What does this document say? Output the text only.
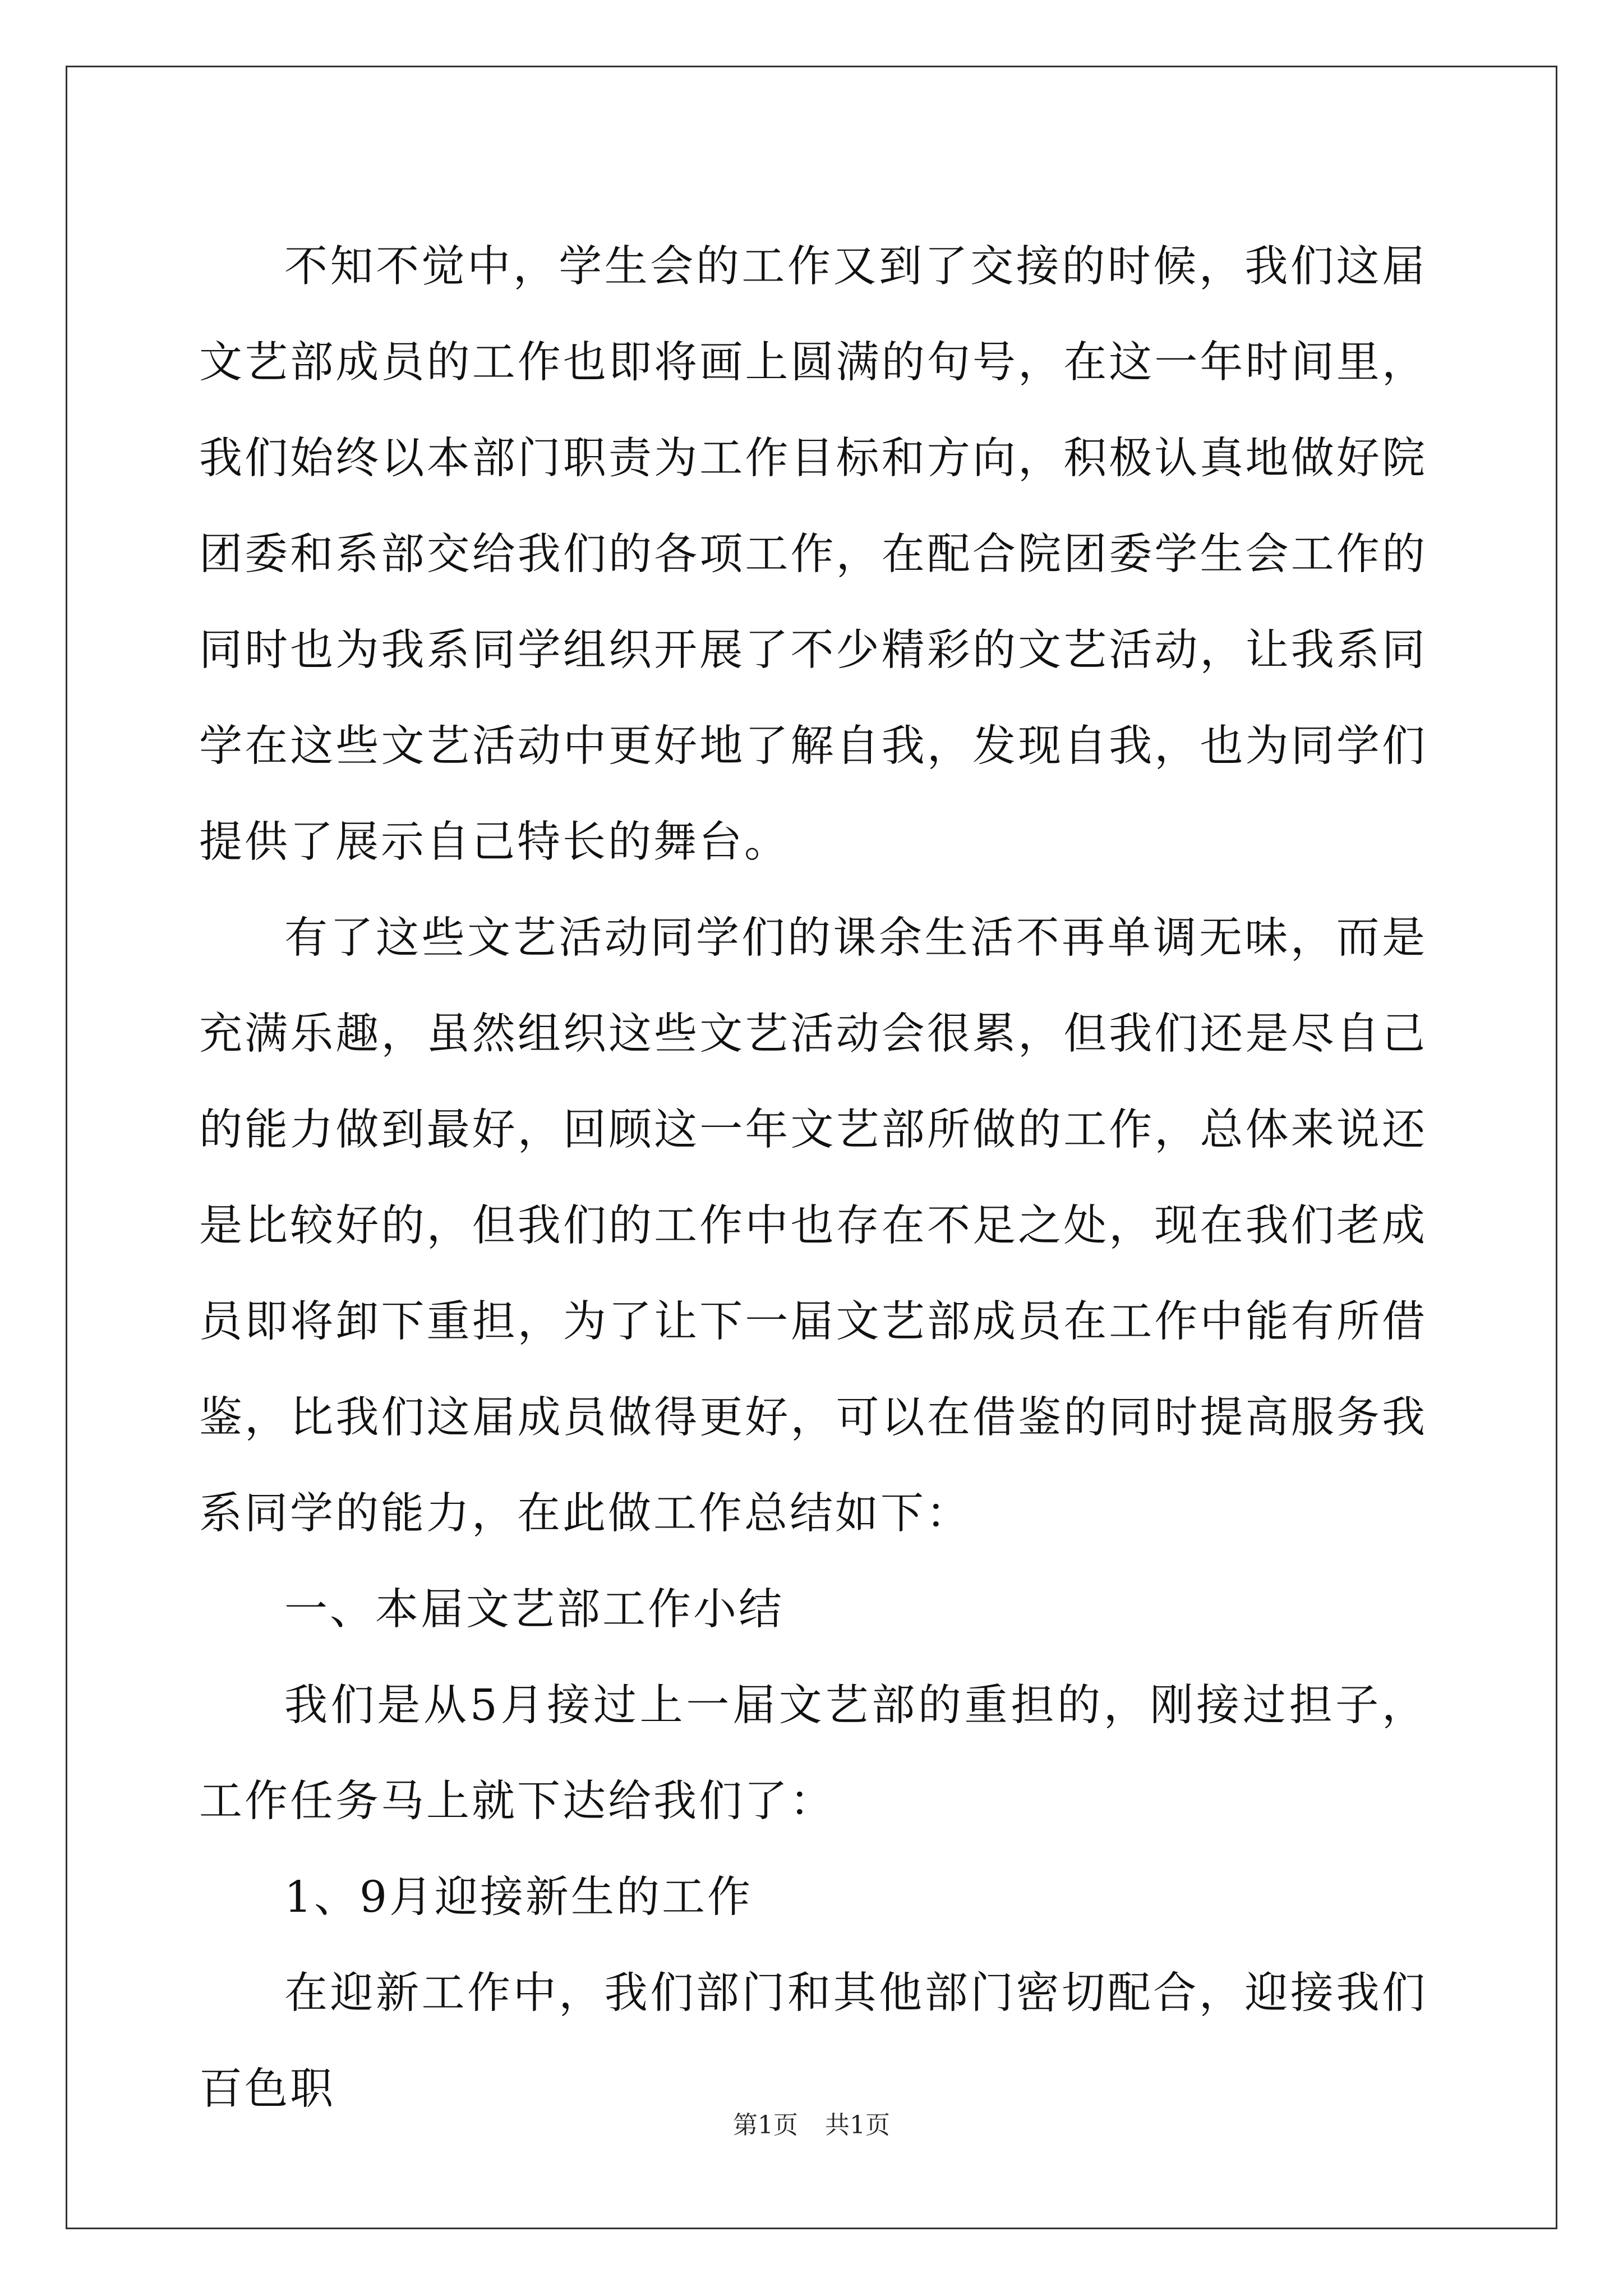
不知不觉中，学生会的工作又到了交接的时候，我们这届文艺部成员的工作也即将画上圆满的句号，在这一年时间里，我们始终以本部门职责为工作目标和方向，积极认真地做好院团委和系部交给我们的各项工作，在配合院团委学生会工作的同时也为我系同学组织开展了不少精彩的文艺活动，让我系同学在这些文艺活动中更好地了解自我，发现自我，也为同学们提供了展示自己特长的舞台。

有了这些文艺活动同学们的课余生活不再单调无味，而是充满乐趣，虽然组织这些文艺活动会很累，但我们还是尽自己的能力做到最好，回顾这一年文艺部所做的工作，总体来说还是比较好的，但我们的工作中也存在不足之处，现在我们老成员即将卸下重担，为了让下一届文艺部成员在工作中能有所借鉴，比我们这届成员做得更好，可以在借鉴的同时提高服务我系同学的能力，在此做工作总结如下：

一、本届文艺部工作小结

我们是从5月接过上一届文艺部的重担的，刚接过担子，工作任务马上就下达给我们了：

1、9月迎接新生的工作

在迎新工作中，我们部门和其他部门密切配合，迎接我们百色职

第1页 共1页
